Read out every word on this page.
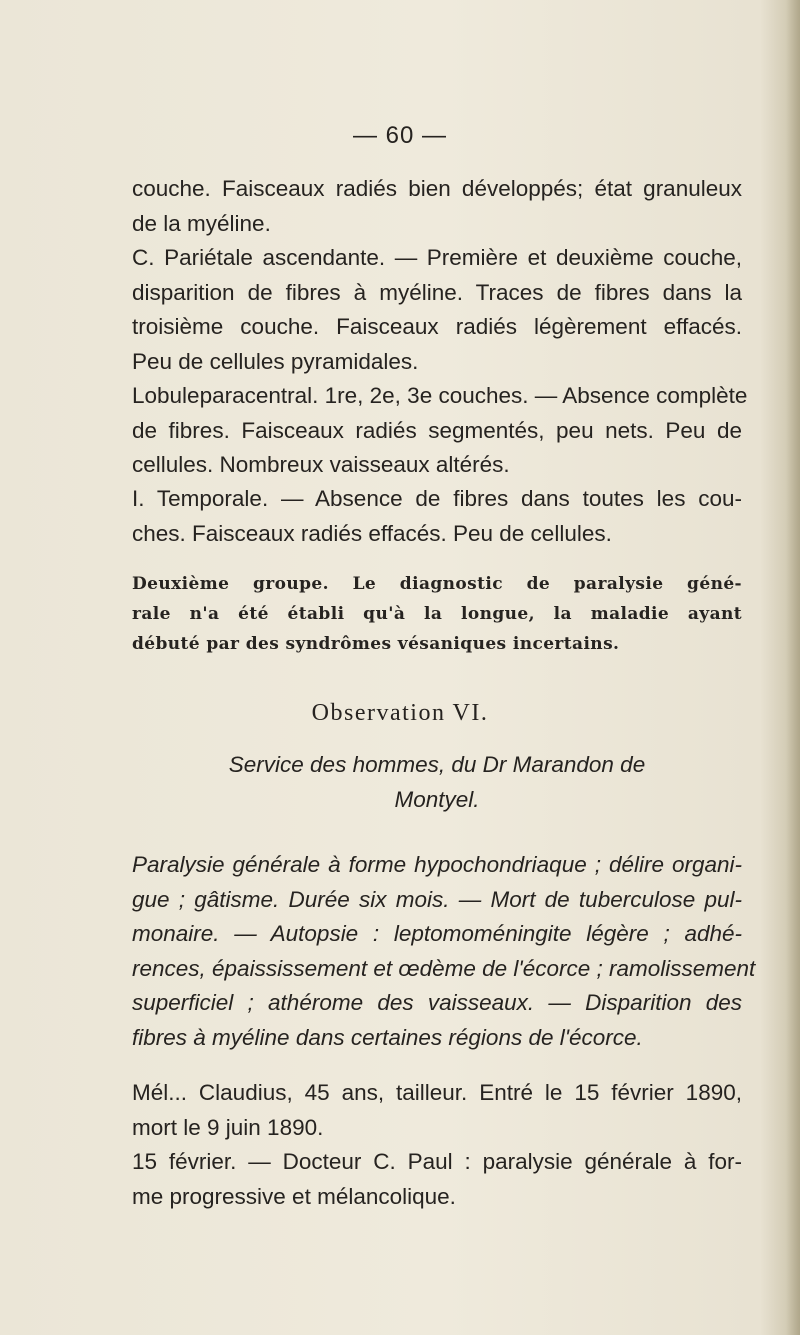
— 60 —

couche. Faisceaux radiés bien développés; état granuleux
de la myéline.

C. Pariétale ascendante. — Première et deuxième couche,
disparition de fibres à myéline. Traces de fibres dans la
troisième couche. Faisceaux radiés légèrement effacés.
Peu de cellules pyramidales.

Lobuleparacentral. 1re, 2e, 3e couches. — Absence complète
de fibres. Faisceaux radiés segmentés, peu nets. Peu de
cellules. Nombreux vaisseaux altérés.

I. Temporale. — Absence de fibres dans toutes les cou-
ches. Faisceaux radiés effacés. Peu de cellules.

Deuxième groupe. Le diagnostic de paralysie géné-
rale n'a été établi qu'à la longue, la maladie ayant
débuté par des syndrômes vésaniques incertains.

Observation VI.

Service des hommes, du Dr Marandon de
Montyel.

Paralysie générale à forme hypochondriaque ; délire organi-
gue ; gâtisme. Durée six mois. — Mort de tuberculose pul-
monaire. — Autopsie : leptomoméningite légère ; adhé-
rences, épaississement et œdème de l'écorce ; ramolissement
superficiel ; athérome des vaisseaux. — Disparition des
fibres à myéline dans certaines régions de l'écorce.

Mél... Claudius, 45 ans, tailleur. Entré le 15 février 1890,
mort le 9 juin 1890.
15 février. — Docteur C. Paul : paralysie générale à for-
me progressive et mélancolique.
